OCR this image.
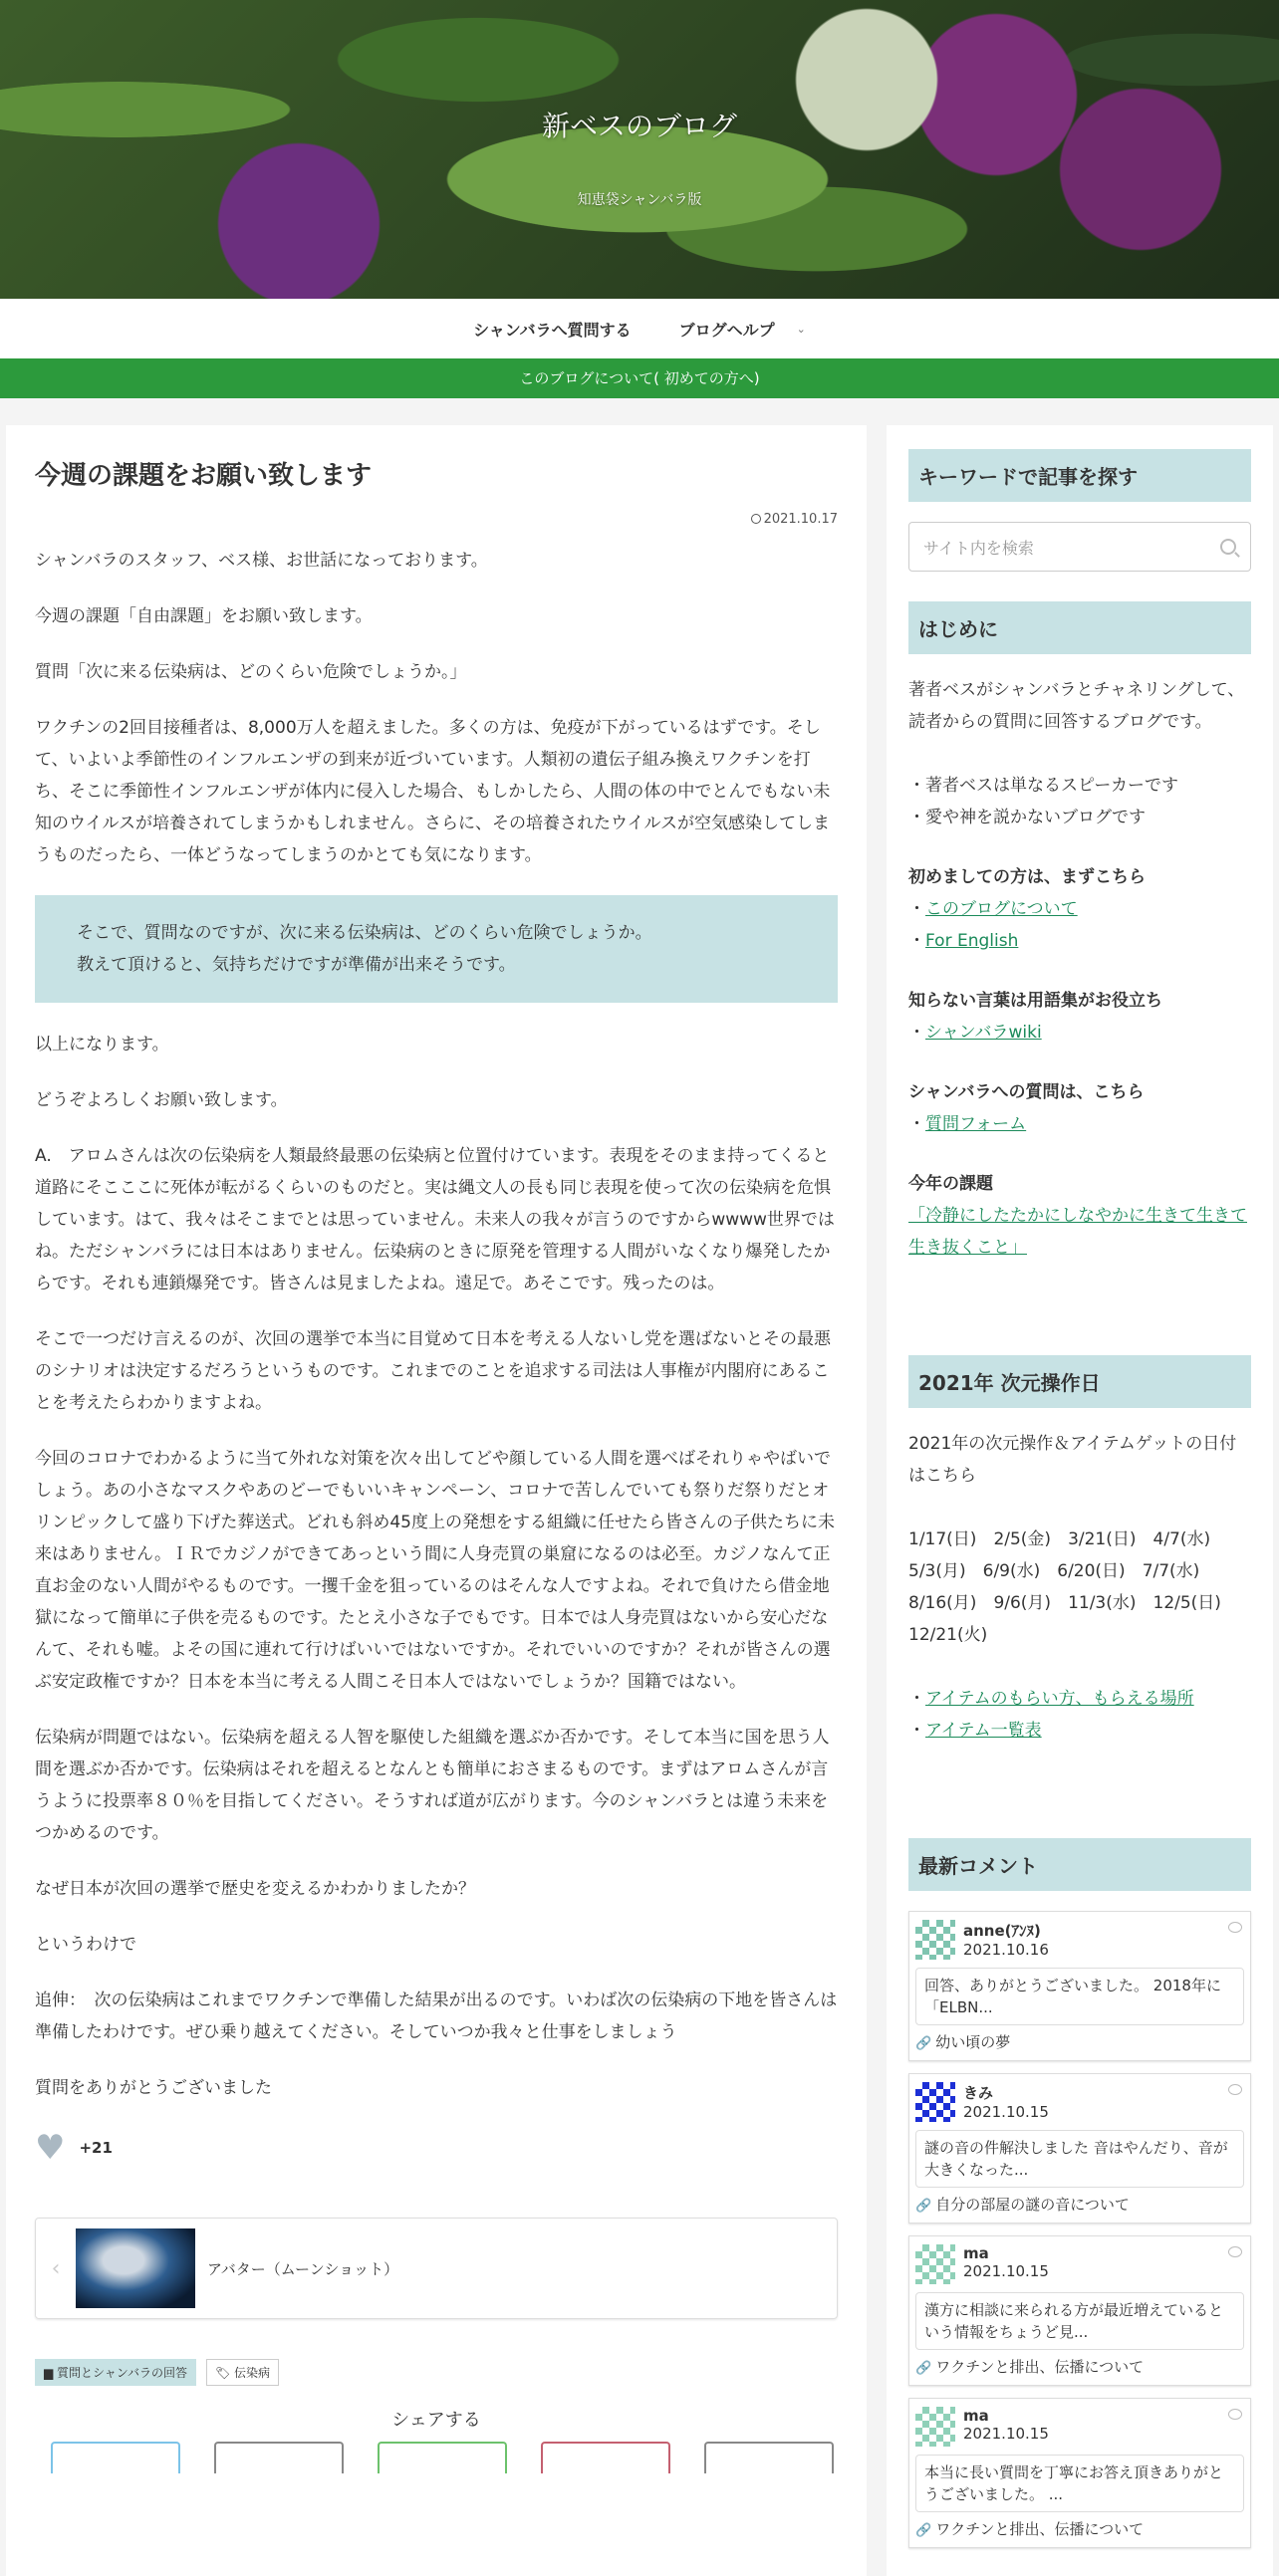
新ベスのブログ
知恵袋シャンバラ版
シャンバラへ質問する	ブログヘルプ ⌄
このブログについて( 初めての方へ)
今週の課題をお願い致します
2021.10.17

シャンバラのスタッフ、ベス様、お世話になっております。

今週の課題「自由課題」をお願い致します。

質問「次に来る伝染病は、どのくらい危険でしょうか。」

ワクチンの2回目接種者は、8,000万人を超えました。多くの方は、免疫が下がっているはずです。そして、いよいよ季節性のインフルエンザの到来が近づいています。人類初の遺伝子組み換えワクチンを打ち、そこに季節性インフルエンザが体内に侵入した場合、もしかしたら、人間の体の中でとんでもない未知のウイルスが培養されてしまうかもしれません。さらに、その培養されたウイルスが空気感染してしまうものだったら、一体どうなってしまうのかとても気になります。

そこで、質問なのですが、次に来る伝染病は、どのくらい危険でしょうか。
教えて頂けると、気持ちだけですが準備が出来そうです。

以上になります。

どうぞよろしくお願い致します。

A.　アロムさんは次の伝染病を人類最終最悪の伝染病と位置付けています。表現をそのまま持ってくると道路にそこここに死体が転がるくらいのものだと。実は縄文人の長も同じ表現を使って次の伝染病を危惧しています。はて、我々はそこまでとは思っていません。未来人の我々が言うのですからwwww世界ではね。ただシャンバラには日本はありません。伝染病のときに原発を管理する人間がいなくなり爆発したからです。それも連鎖爆発です。皆さんは見ましたよね。遠足で。あそこです。残ったのは。

そこで一つだけ言えるのが、次回の選挙で本当に目覚めて日本を考える人ないし党を選ばないとその最悪のシナリオは決定するだろうというものです。これまでのことを追求する司法は人事権が内閣府にあることを考えたらわかりますよね。

今回のコロナでわかるように当て外れな対策を次々出してどや顔している人間を選べばそれりゃやばいでしょう。あの小さなマスクやあのどーでもいいキャンペーン、コロナで苦しんでいても祭りだ祭りだとオリンピックして盛り下げた葬送式。どれも斜め45度上の発想をする組織に任せたら皆さんの子供たちに未来はありません。ＩＲでカジノができてあっという間に人身売買の巣窟になるのは必至。カジノなんて正直お金のない人間がやるものです。一攫千金を狙っているのはそんな人ですよね。それで負けたら借金地獄になって簡単に子供を売るものです。たとえ小さな子でもです。日本では人身売買はないから安心だなんて、それも嘘。よその国に連れて行けばいいではないですか。それでいいのですか？それが皆さんの選ぶ安定政権ですか？日本を本当に考える人間こそ日本人ではないでしょうか？国籍ではない。

伝染病が問題ではない。伝染病を超える人智を駆使した組織を選ぶか否かです。そして本当に国を思う人間を選ぶか否かです。伝染病はそれを超えるとなんとも簡単におさまるものです。まずはアロムさんが言うように投票率８０％を目指してください。そうすれば道が広がります。今のシャンバラとは違う未来をつかめるのです。

なぜ日本が次回の選挙で歴史を変えるかわかりましたか？

というわけで

追伸：　次の伝染病はこれまでワクチンで準備した結果が出るのです。いわば次の伝染病の下地を皆さんは準備したわけです。ぜひ乗り越えてください。そしていつか我々と仕事をしましょう

質問をありがとうございました

♥ +21
‹	アバター（ムーンショット）
▆ 質問とシャンバラの回答	🏷 伝染病
シェアする
キーワードで記事を探す
サイト内を検索
はじめに

著者ベスがシャンバラとチャネリングして、読者からの質問に回答するブログです。

・著者ベスは単なるスピーカーです

・愛や神を説かないブログです

初めましての方は、まずこちら

・このブログについて

・For English

知らない言葉は用語集がお役立ち

・シャンバラwiki

シャンバラへの質問は、こちら

・質問フォーム

今年の課題

「冷静にしたたかにしなやかに生きて生きて生き抜くこと」

2021年 次元操作日

2021年の次元操作＆アイテムゲットの日付はこちら

1/17(日)　2/5(金)　3/21(日)　4/7(水)

5/3(月)　6/9(水)　6/20(日)　7/7(水)

8/16(月)　9/6(月)　11/3(水)　12/5(日)

12/21(火)

・アイテムのもらい方、もらえる場所

・アイテム一覧表

最新コメント
anne(ｱﾝﾇ)
2021.10.16
回答、ありがとうございました。 2018年に「ELBN...
🔗 幼い頃の夢
きみ
2021.10.15
謎の音の件解決しました 音はやんだり、音が大きくなった...
🔗 自分の部屋の謎の音について
ma
2021.10.15
漢方に相談に来られる方が最近増えているという情報をちょうど見...
🔗 ワクチンと排出、伝播について
ma
2021.10.15
本当に長い質問を丁寧にお答え頂きありがとうございました。 ...
🔗 ワクチンと排出、伝播について
